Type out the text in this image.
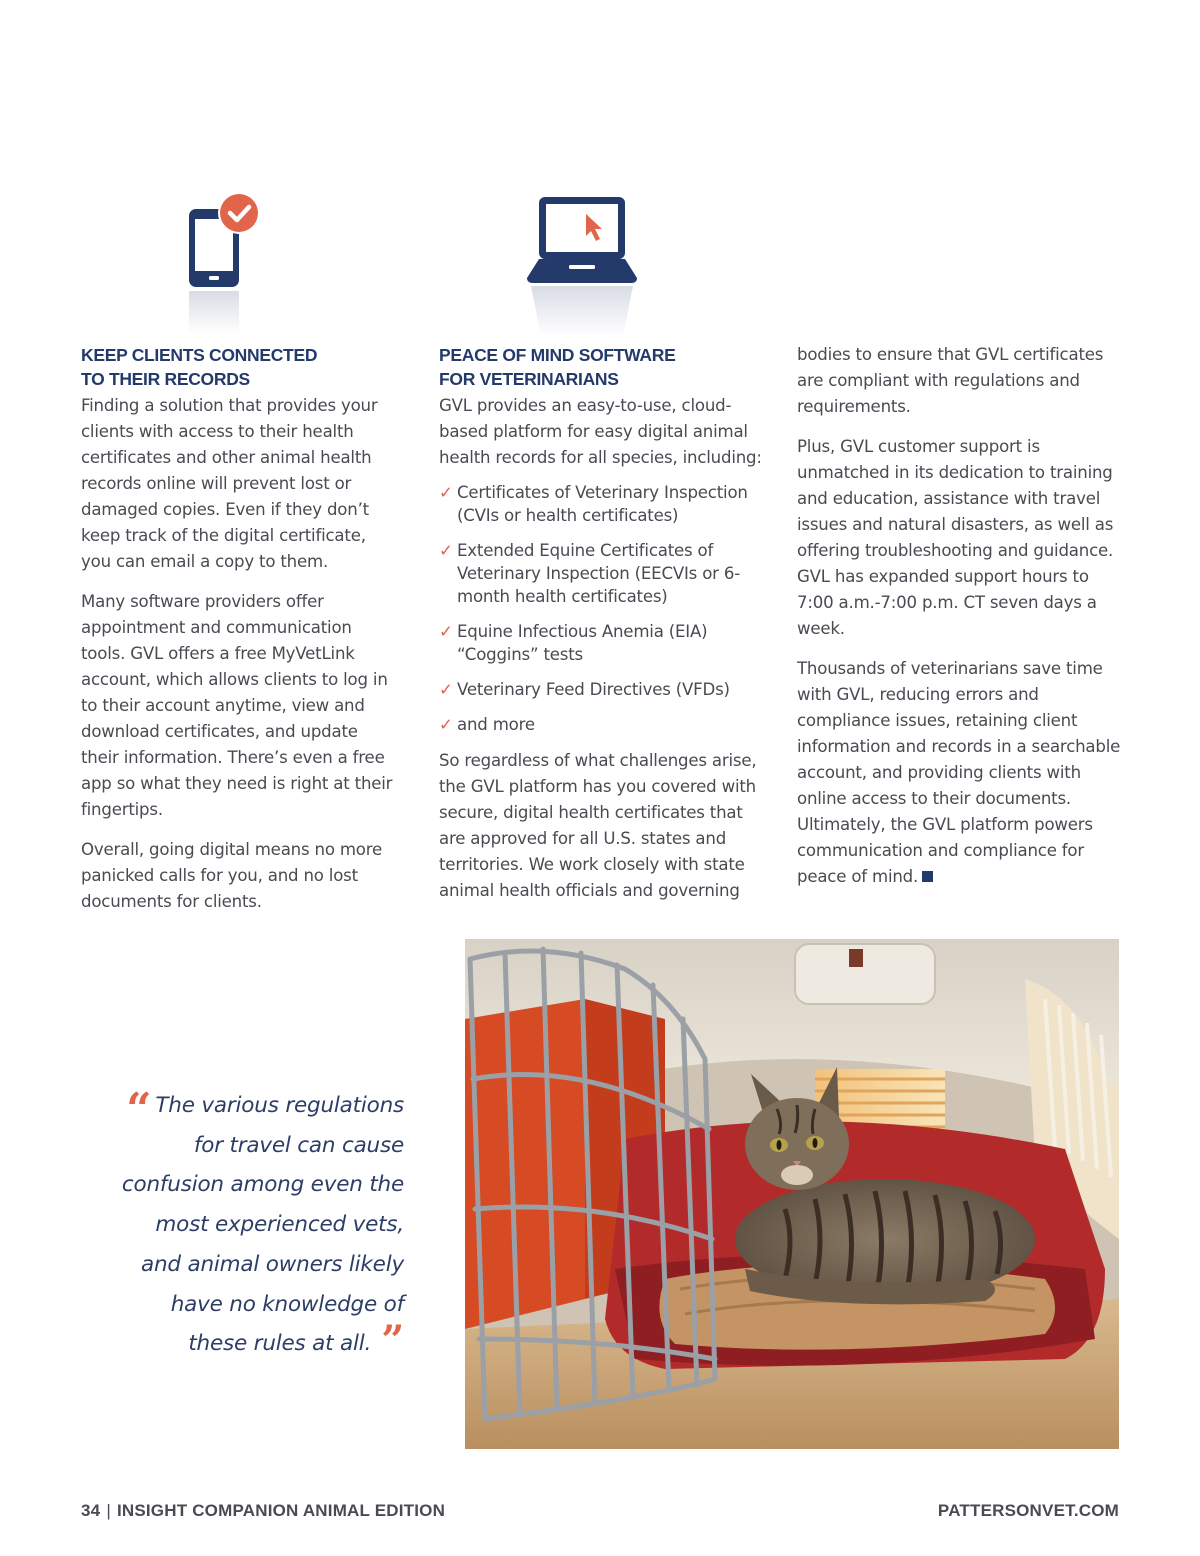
KEEP CLIENTS CONNECTED
TO THEIR RECORDS

Finding a solution that provides your clients with access to their health certificates and other animal health records online will prevent lost or damaged copies. Even if they don’t keep track of the digital certificate, you can email a copy to them.

Many software providers offer appointment and communication tools. GVL offers a free MyVetLink account, which allows clients to log in to their account anytime, view and download certificates, and update their information. There’s even a free app so what they need is right at their fingertips.

Overall, going digital means no more panicked calls for you, and no lost documents for clients.

PEACE OF MIND SOFTWARE
FOR VETERINARIANS

GVL provides an easy-to-use, cloud-based platform for easy digital animal health records for all species, including:

✓ Certificates of Veterinary Inspection (CVIs or health certificates)
✓ Extended Equine Certificates of Veterinary Inspection (EECVIs or 6-month health certificates)
✓ Equine Infectious Anemia (EIA) “Coggins” tests
✓ Veterinary Feed Directives (VFDs)
✓ and more

So regardless of what challenges arise, the GVL platform has you covered with secure, digital health certificates that are approved for all U.S. states and territories. We work closely with state animal health officials and governing

bodies to ensure that GVL certificates are compliant with regulations and requirements.

Plus, GVL customer support is unmatched in its dedication to training and education, assistance with travel issues and natural disasters, as well as offering troubleshooting and guidance. GVL has expanded support hours to 7:00 a.m.-7:00 p.m. CT seven days a week.

Thousands of veterinarians save time with GVL, reducing errors and compliance issues, retaining client information and records in a searchable account, and providing clients with online access to their documents. Ultimately, the GVL platform powers communication and compliance for peace of mind.

“ The various regulations
for travel can cause
confusion among even the
most experienced vets,
and animal owners likely
have no knowledge of
these rules at all. ”
34 | INSIGHT COMPANION ANIMAL EDITION	PATTERSONVET.COM
